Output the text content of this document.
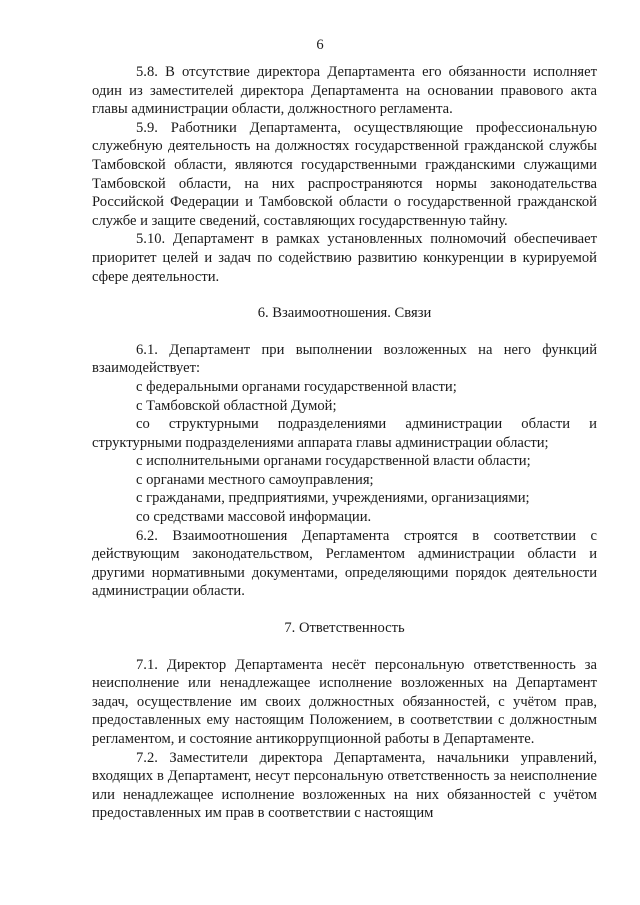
6

5.8. В отсутствие директора Департамента его обязанности исполняет один из заместителей директора Департамента на основании правового акта главы администрации области, должностного регламента.

5.9. Работники Департамента, осуществляющие профессиональную служебную деятельность на должностях государственной гражданской службы Тамбовской области, являются государственными гражданскими служащими Тамбовской области, на них распространяются нормы законодательства Российской Федерации и Тамбовской области о государственной гражданской службе и защите сведений, составляющих государственную тайну.

5.10. Департамент в рамках установленных полномочий обеспечивает приоритет целей и задач по содействию развитию конкуренции в курируемой сфере деятельности.

6. Взаимоотношения. Связи

6.1. Департамент при выполнении возложенных на него функций взаимодействует:

с федеральными органами государственной власти;

с Тамбовской областной Думой;

со структурными подразделениями администрации области и структурными подразделениями аппарата главы администрации области;

с исполнительными органами государственной власти области;

с органами местного самоуправления;

с гражданами, предприятиями, учреждениями, организациями;

со средствами массовой информации.

6.2. Взаимоотношения Департамента строятся в соответствии с действующим законодательством, Регламентом администрации области и другими нормативными документами, определяющими порядок деятельности администрации области.

7. Ответственность

7.1. Директор Департамента несёт персональную ответственность за неисполнение или ненадлежащее исполнение возложенных на Департамент задач, осуществление им своих должностных обязанностей, с учётом прав, предоставленных ему настоящим Положением, в соответствии с должностным регламентом, и состояние антикоррупционной работы в Департаменте.

7.2. Заместители директора Департамента, начальники управлений, входящих в Департамент, несут персональную ответственность за неисполнение или ненадлежащее исполнение возложенных на них обязанностей с учётом предоставленных им прав в соответствии с настоящим
